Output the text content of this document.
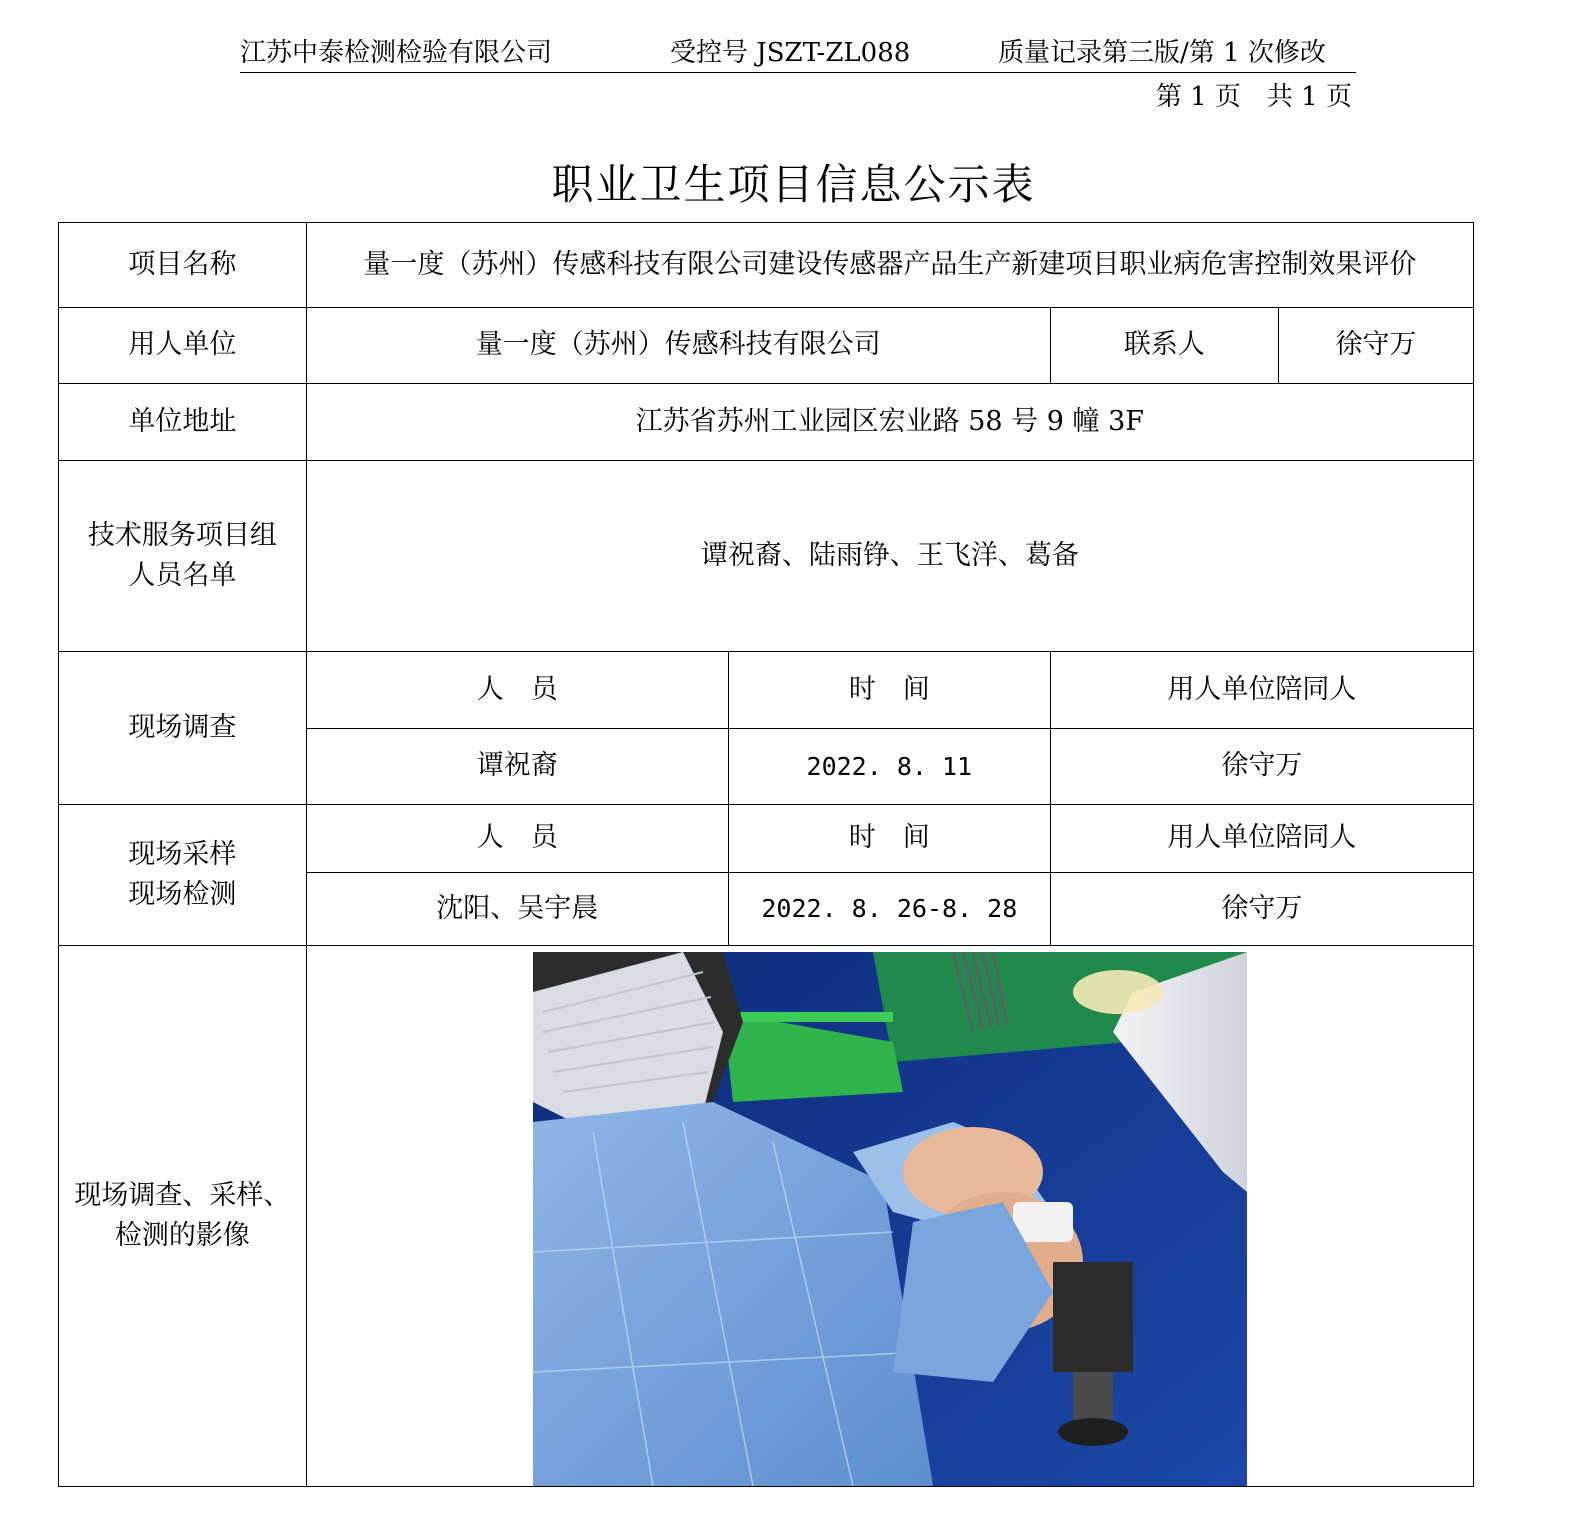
江苏中泰检测检验有限公司	受控号 JSZT-ZL088	质量记录第三版/第 1 次修改
第 1 页　共 1 页
职业卫生项目信息公示表
项目名称	量一度（苏州）传感科技有限公司建设传感器产品生产新建项目职业病危害控制效果评价			
用人单位	量一度（苏州）传感科技有限公司		联系人	徐守万
单位地址	江苏省苏州工业园区宏业路 58 号 9 幢 3F			

技术服务项目组
人员名单	谭祝裔、陆雨铮、王飞洋、葛备			
现场调查	人　员	时　间	用人单位陪同人	
	谭祝裔	2022. 8. 11	徐守万	

现场采样
现场检测	人　员	时　间	用人单位陪同人	
	沈阳、吴宇晨	2022. 8. 26-8. 28	徐守万	

现场调查、采样、
检测的影像
